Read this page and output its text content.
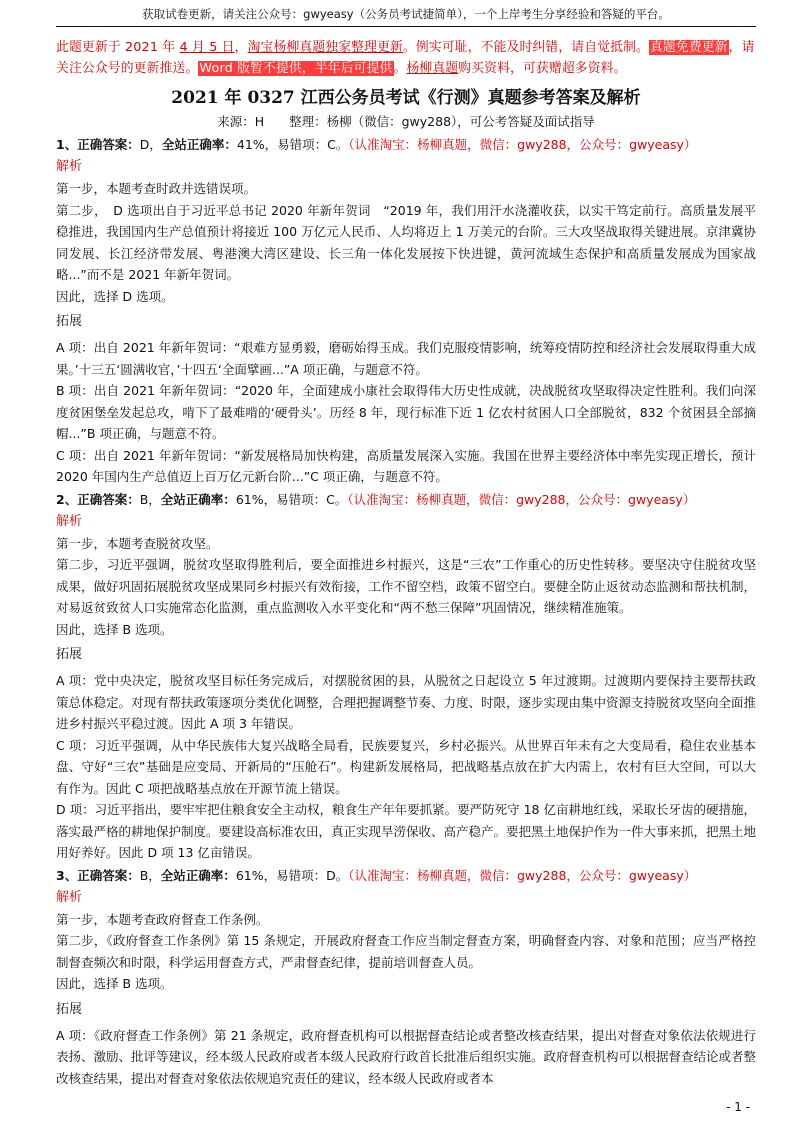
获取试卷更新，请关注公众号：gwyeasy（公务员考试捷简单），一个上岸考生分享经验和答疑的平台。
此题更新于 2021 年 4 月 5 日，淘宝杨柳真题独家整理更新。例实可耻，不能及时纠错，请自觉抵制。真题免费更新，请关注公众号的更新推送。Word 版暂不提供，半年后可提供。杨柳真题购买资料，可获赠超多资料。
2021 年 0327 江西公务员考试《行测》真题参考答案及解析
来源：H　　整理：杨柳（微信：gwy288），可公考答疑及面试指导
1、正确答案：D，全站正确率：41%，易错项：C。（认准淘宝：杨柳真题，微信：gwy288，公众号：gwyeasy）
解析
第一步，本题考查时政并选错误项。
第二步，　D 选项出自于习近平总书记 2020 年新年贺词　“2019 年，我们用汗水浇灌收获，以实干笃定前行。高质量发展平稳推进，我国国内生产总值预计将接近 100 万亿元人民币、人均将迈上 1 万美元的台阶。三大攻坚战取得关键进展。京津冀协同发展、长江经济带发展、粤港澳大湾区建设、长三角一体化发展按下快进键，黄河流域生态保护和高质量发展成为国家战略...”而不是 2021 年新年贺词。
因此，选择 D 选项。
拓展
A 项：出自 2021 年新年贺词：“艰难方显勇毅，磨砺始得玉成。我们克服疫情影响，统筹疫情防控和经济社会发展取得重大成果。’十三五‘圆满收官，’十四五‘全面擘画...”A 项正确，与题意不符。
B 项：出自 2021 年新年贺词：“2020 年，全面建成小康社会取得伟大历史性成就，决战脱贫攻坚取得决定性胜利。我们向深度贫困堡垒发起总攻，啃下了最难啃的‘硬骨头’。历经 8 年，现行标准下近 1 亿农村贫困人口全部脱贫，832 个贫困县全部摘帽...”B 项正确，与题意不符。
C 项：出自 2021 年新年贺词：“新发展格局加快构建，高质量发展深入实施。我国在世界主要经济体中率先实现正增长，预计 2020 年国内生产总值迈上百万亿元新台阶...”C 项正确，与题意不符。
2、正确答案：B，全站正确率：61%，易错项：C。（认准淘宝：杨柳真题，微信：gwy288，公众号：gwyeasy）
解析
第一步，本题考查脱贫攻坚。
第二步，习近平强调，脱贫攻坚取得胜利后，要全面推进乡村振兴，这是“三农”工作重心的历史性转移。要坚决守住脱贫攻坚成果，做好巩固拓展脱贫攻坚成果同乡村振兴有效衔接，工作不留空档，政策不留空白。要健全防止返贫动态监测和帮扶机制，对易返贫致贫人口实施常态化监测，重点监测收入水平变化和“两不愁三保障”巩固情况，继续精准施策。
因此，选择 B 选项。
拓展
A 项：党中央决定，脱贫攻坚目标任务完成后，对摆脱贫困的县，从脱贫之日起设立 5 年过渡期。过渡期内要保持主要帮扶政策总体稳定。对现有帮扶政策逐项分类优化调整，合理把握调整节奏、力度、时限，逐步实现由集中资源支持脱贫攻坚向全面推进乡村振兴平稳过渡。因此 A 项 3 年错误。
C 项：习近平强调，从中华民族伟大复兴战略全局看，民族要复兴，乡村必振兴。从世界百年未有之大变局看，稳住农业基本盘、守好“三农”基础是应变局、开新局的“压舱石”。构建新发展格局，把战略基点放在扩大内需上，农村有巨大空间，可以大有作为。因此 C 项把战略基点放在开源节流上错误。
D 项：习近平指出，要牢牢把住粮食安全主动权，粮食生产年年要抓紧。要严防死守 18 亿亩耕地红线，采取长牙齿的硬措施，落实最严格的耕地保护制度。要建设高标准农田，真正实现旱涝保收、高产稳产。要把黑土地保护作为一件大事来抓，把黑土地用好养好。因此 D 项 13 亿亩错误。
3、正确答案：B，全站正确率：61%，易错项：D。（认准淘宝：杨柳真题，微信：gwy288，公众号：gwyeasy）
解析
第一步，本题考查政府督查工作条例。
第二步，《政府督查工作条例》第 15 条规定，开展政府督查工作应当制定督查方案，明确督查内容、对象和范围；应当严格控制督查频次和时限，科学运用督查方式，严肃督查纪律，提前培训督查人员。
因此，选择 B 选项。
拓展
A 项：《政府督查工作条例》第 21 条规定，政府督查机构可以根据督查结论或者整改核查结果，提出对督查对象依法依规进行表扬、激励、批评等建议，经本级人民政府或者本级人民政府行政首长批准后组织实施。政府督查机构可以根据督查结论或者整改核查结果，提出对督查对象依法依规追究责任的建议，经本级人民政府或者本
- 1 -
